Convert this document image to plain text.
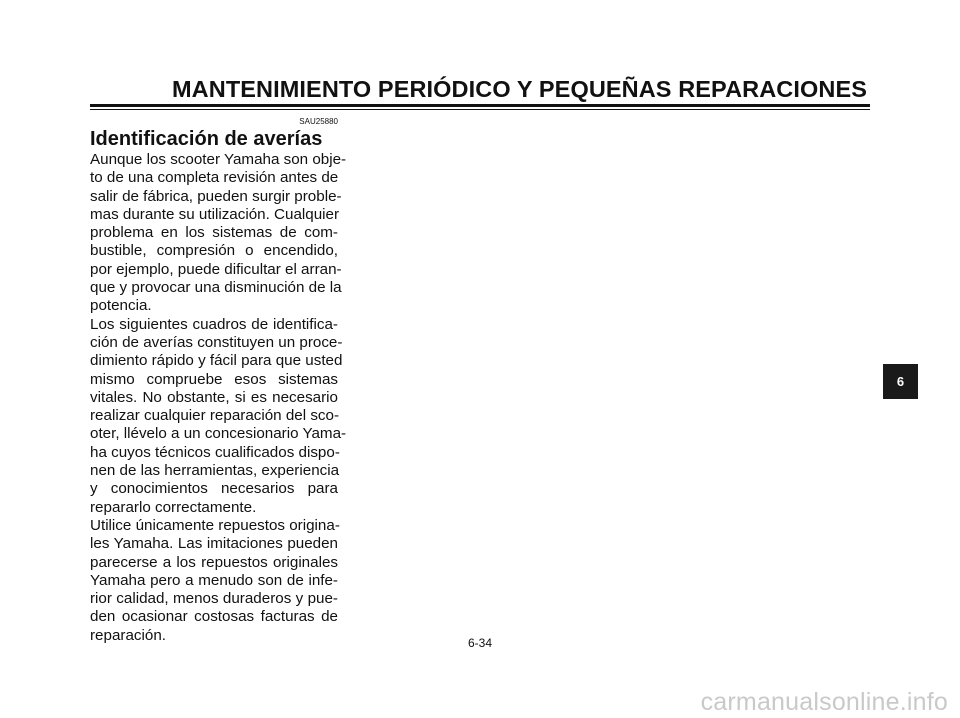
MANTENIMIENTO PERIÓDICO Y PEQUEÑAS REPARACIONES

SAU25880

Identificación de averías
Aunque los scooter Yamaha son obje-
to de una completa revisión antes de
salir de fábrica, pueden surgir proble-
mas durante su utilización. Cualquier
problema en los sistemas de com-
bustible, compresión o encendido,
por ejemplo, puede dificultar el arran-
que y provocar una disminución de la
potencia.
Los siguientes cuadros de identifica-
ción de averías constituyen un proce-
dimiento rápido y fácil para que usted
mismo compruebe esos sistemas
vitales. No obstante, si es necesario
realizar cualquier reparación del sco-
oter, llévelo a un concesionario Yama-
ha cuyos técnicos cualificados dispo-
nen de las herramientas, experiencia
y conocimientos necesarios para
repararlo correctamente.
Utilice únicamente repuestos origina-
les Yamaha. Las imitaciones pueden
parecerse a los repuestos originales
Yamaha pero a menudo son de infe-
rior calidad, menos duraderos y pue-
den ocasionar costosas facturas de
reparación.	6-34

6
carmanualsonline.info
